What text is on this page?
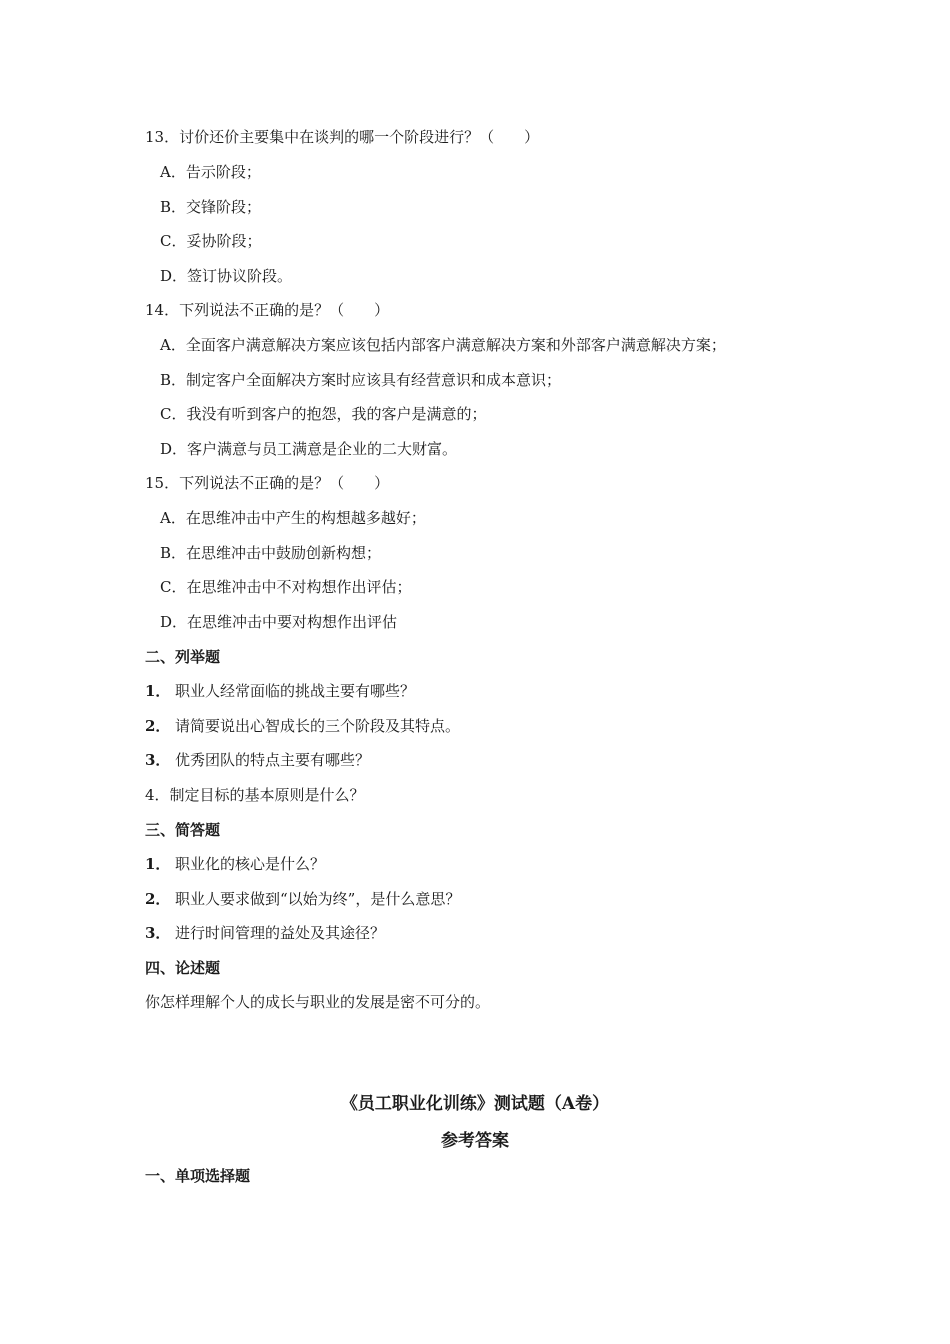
13．讨价还价主要集中在谈判的哪一个阶段进行？（　　）
A．告示阶段；
B．交锋阶段；
C．妥协阶段；
D．签订协议阶段。
14．下列说法不正确的是？（　　）
A．全面客户满意解决方案应该包括内部客户满意解决方案和外部客户满意解决方案；
B．制定客户全面解决方案时应该具有经营意识和成本意识；
C．我没有听到客户的抱怨，我的客户是满意的；
D．客户满意与员工满意是企业的二大财富。
15．下列说法不正确的是？（　　）
A．在思维冲击中产生的构想越多越好；
B．在思维冲击中鼓励创新构想；
C．在思维冲击中不对构想作出评估；
D．在思维冲击中要对构想作出评估
二、列举题
1． 职业人经常面临的挑战主要有哪些？
2． 请简要说出心智成长的三个阶段及其特点。
3． 优秀团队的特点主要有哪些？
4．制定目标的基本原则是什么？
三、简答题
1． 职业化的核心是什么？
2． 职业人要求做到“以始为终”，是什么意思？
3． 进行时间管理的益处及其途径？
四、论述题
你怎样理解个人的成长与职业的发展是密不可分的。
《员工职业化训练》测试题（A卷）
参考答案
一、单项选择题
